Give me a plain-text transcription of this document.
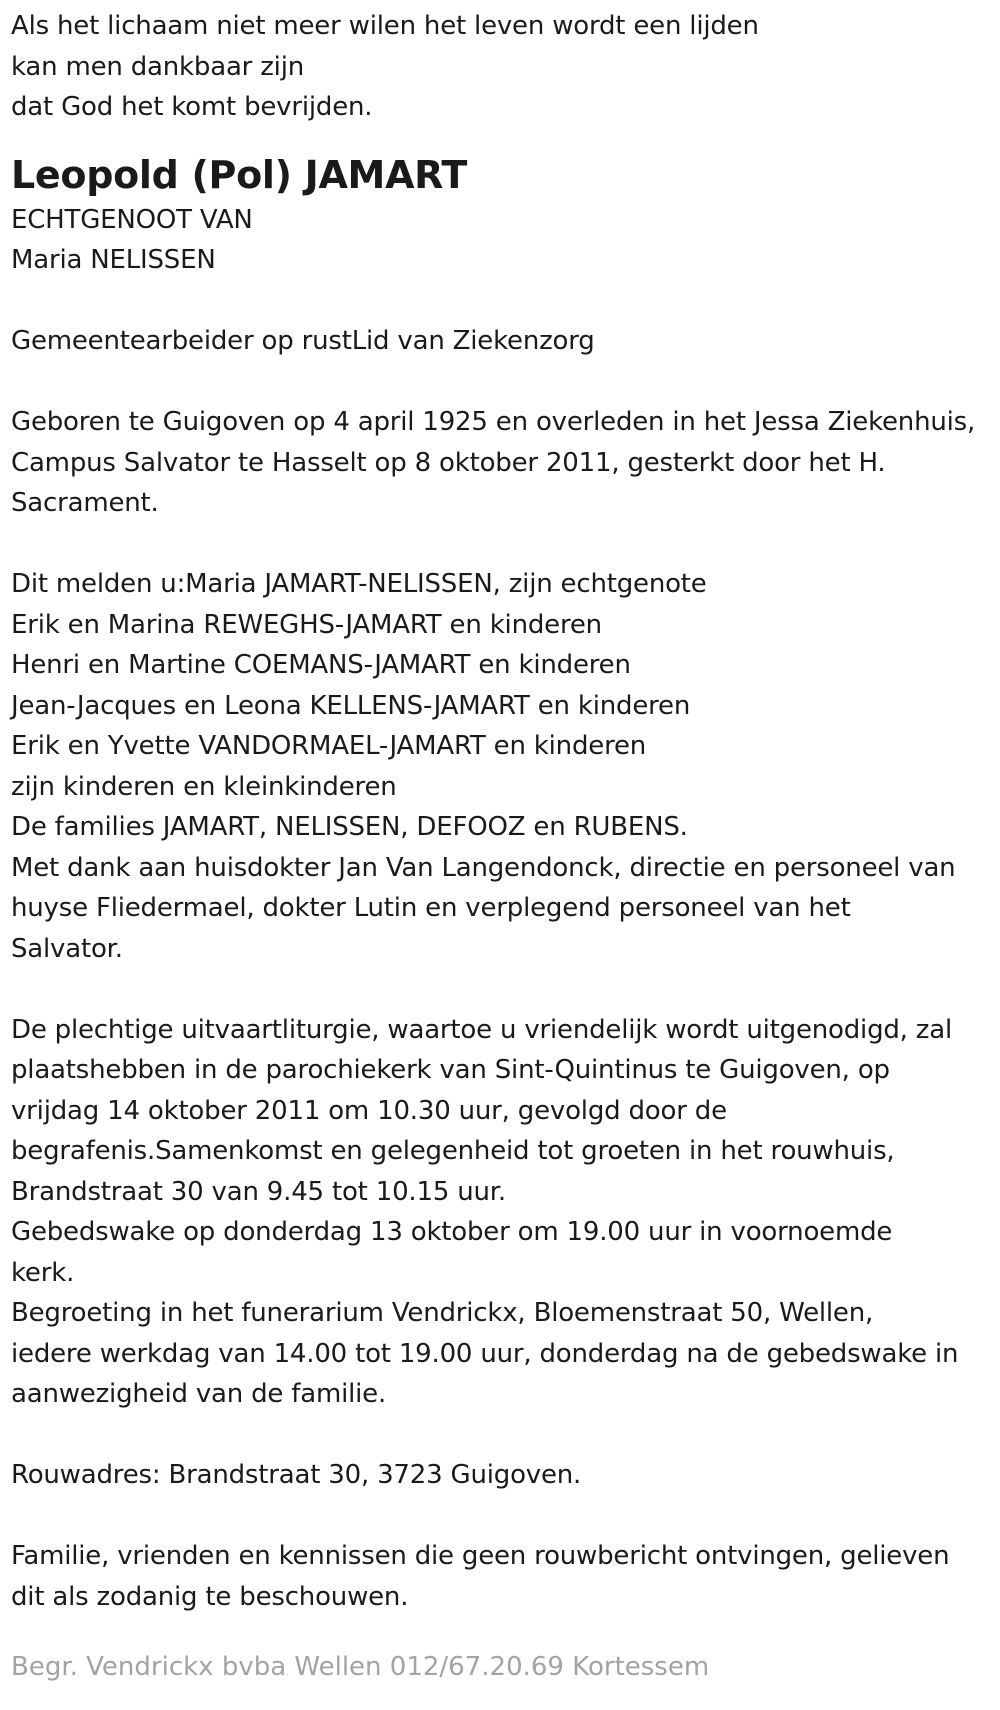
Als het lichaam niet meer wilen het leven wordt een lijden
kan men dankbaar zijn
dat God het komt bevrijden.
Leopold (Pol) JAMART
ECHTGENOOT VAN
Maria NELISSEN
Gemeentearbeider op rustLid van Ziekenzorg
Geboren te Guigoven op 4 april 1925 en overleden in het Jessa Ziekenhuis,
Campus Salvator te Hasselt op 8 oktober 2011, gesterkt door het H.
Sacrament.
Dit melden u:Maria JAMART-NELISSEN, zijn echtgenote
Erik en Marina REWEGHS-JAMART en kinderen
Henri en Martine COEMANS-JAMART en kinderen
Jean-Jacques en Leona KELLENS-JAMART en kinderen
Erik en Yvette VANDORMAEL-JAMART en kinderen
zijn kinderen en kleinkinderen
De families JAMART, NELISSEN, DEFOOZ en RUBENS.
Met dank aan huisdokter Jan Van Langendonck, directie en personeel van
huyse Fliedermael, dokter Lutin en verplegend personeel van het
Salvator.
De plechtige uitvaartliturgie, waartoe u vriendelijk wordt uitgenodigd, zal
plaatshebben in de parochiekerk van Sint-Quintinus te Guigoven, op
vrijdag 14 oktober 2011 om 10.30 uur, gevolgd door de
begrafenis.Samenkomst en gelegenheid tot groeten in het rouwhuis,
Brandstraat 30 van 9.45 tot 10.15 uur.
Gebedswake op donderdag 13 oktober om 19.00 uur in voornoemde
kerk.
Begroeting in het funerarium Vendrickx, Bloemenstraat 50, Wellen,
iedere werkdag van 14.00 tot 19.00 uur, donderdag na de gebedswake in
aanwezigheid van de familie.
Rouwadres: Brandstraat 30, 3723 Guigoven.
Familie, vrienden en kennissen die geen rouwbericht ontvingen, gelieven
dit als zodanig te beschouwen.
Begr. Vendrickx bvba Wellen 012/67.20.69 Kortessem
